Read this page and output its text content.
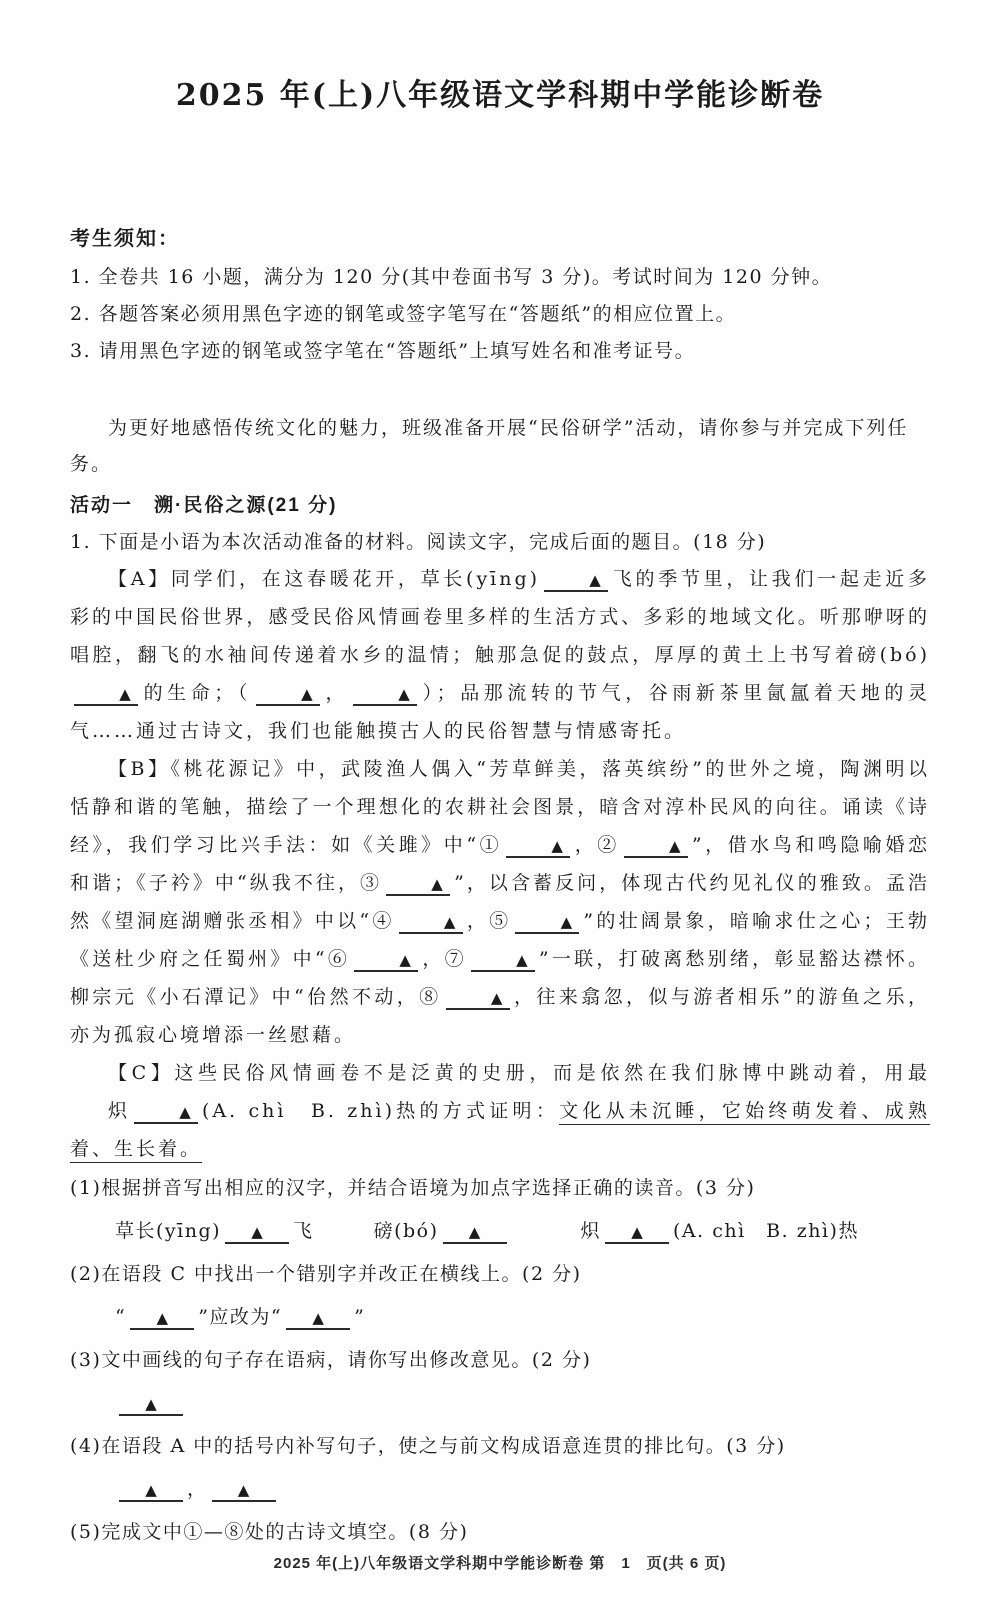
2025 年(上)八年级语文学科期中学能诊断卷
考生须知：
1. 全卷共 16 小题，满分为 120 分(其中卷面书写 3 分)。考试时间为 120 分钟。
2. 各题答案必须用黑色字迹的钢笔或签字笔写在“答题纸”的相应位置上。
3. 请用黑色字迹的钢笔或签字笔在“答题纸”上填写姓名和准考证号。

为更好地感悟传统文化的魅力，班级准备开展“民俗研学”活动，请你参与并完成下列任务。

活动一　溯·民俗之源(21 分)

1. 下面是小语为本次活动准备的材料。阅读文字，完成后面的题目。(18 分)

【A】同学们，在这春暖花开，草长(yīng)	▲ 飞的季节里，让我们一起走近多彩的中国民俗世界，感受民俗风情画卷里多样的生活方式、多彩的地域文化。听那咿呀的唱腔，翻飞的水袖间传递着水乡的温情；触那急促的鼓点，厚厚的黄土上书写着磅(bó)▲ 的生命；（	▲ ，	▲ ）；品那流转的节气，谷雨新茶里氤氲着天地的灵气……通过古诗文，我们也能触摸古人的民俗智慧与情感寄托。

【B】《桃花源记》中，武陵渔人偶入“芳草鲜美，落英缤纷”的世外之境，陶渊明以恬静和谐的笔触，描绘了一个理想化的农耕社会图景，暗含对淳朴民风的向往。诵读《诗经》，我们学习比兴手法：如《关雎》中“①	▲ ，②	▲ ”，借水鸟和鸣隐喻婚恋和谐；《子衿》中“纵我不往，③	▲ ”，以含蓄反问，体现古代约见礼仪的雅致。孟浩然《望洞庭湖赠张丞相》中以“④	▲ ，⑤	▲ ”的壮阔景象，暗喻求仕之心；王勃《送杜少府之任蜀州》中“⑥	▲ ，⑦	▲ ”一联，打破离愁别绪，彰显豁达襟怀。柳宗元《小石潭记》中“佁然不动，⑧	▲ ，往来翕忽，似与游者相乐”的游鱼之乐，亦为孤寂心境增添一丝慰藉。

【C】这些民俗风情画卷不是泛黄的史册，而是依然在我们脉博中跳动着，用最炽 •	▲ (A. chì　B. zhì)热的方式证明：文化从未沉睡，它始终萌发着、成熟着、生长着。

(1)根据拼音写出相应的汉字，并结合语境为加点字选择正确的读音。(3 分)

草长(yīng) ▲ 飞	磅(bó) ▲	炽 • ▲ (A. chì　B. zhì)热

(2)在语段 C 中找出一个错别字并改正在横线上。(2 分)

“ ▲ ”应改为“ ▲ ”

(3)文中画线的句子存在语病，请你写出修改意见。(2 分)

▲

(4)在语段 A 中的括号内补写句子，使之与前文构成语意连贯的排比句。(3 分)

▲ ， ▲

(5)完成文中①—⑧处的古诗文填空。(8 分)

2025 年(上)八年级语文学科期中学能诊断卷 第　1　页(共 6 页)
